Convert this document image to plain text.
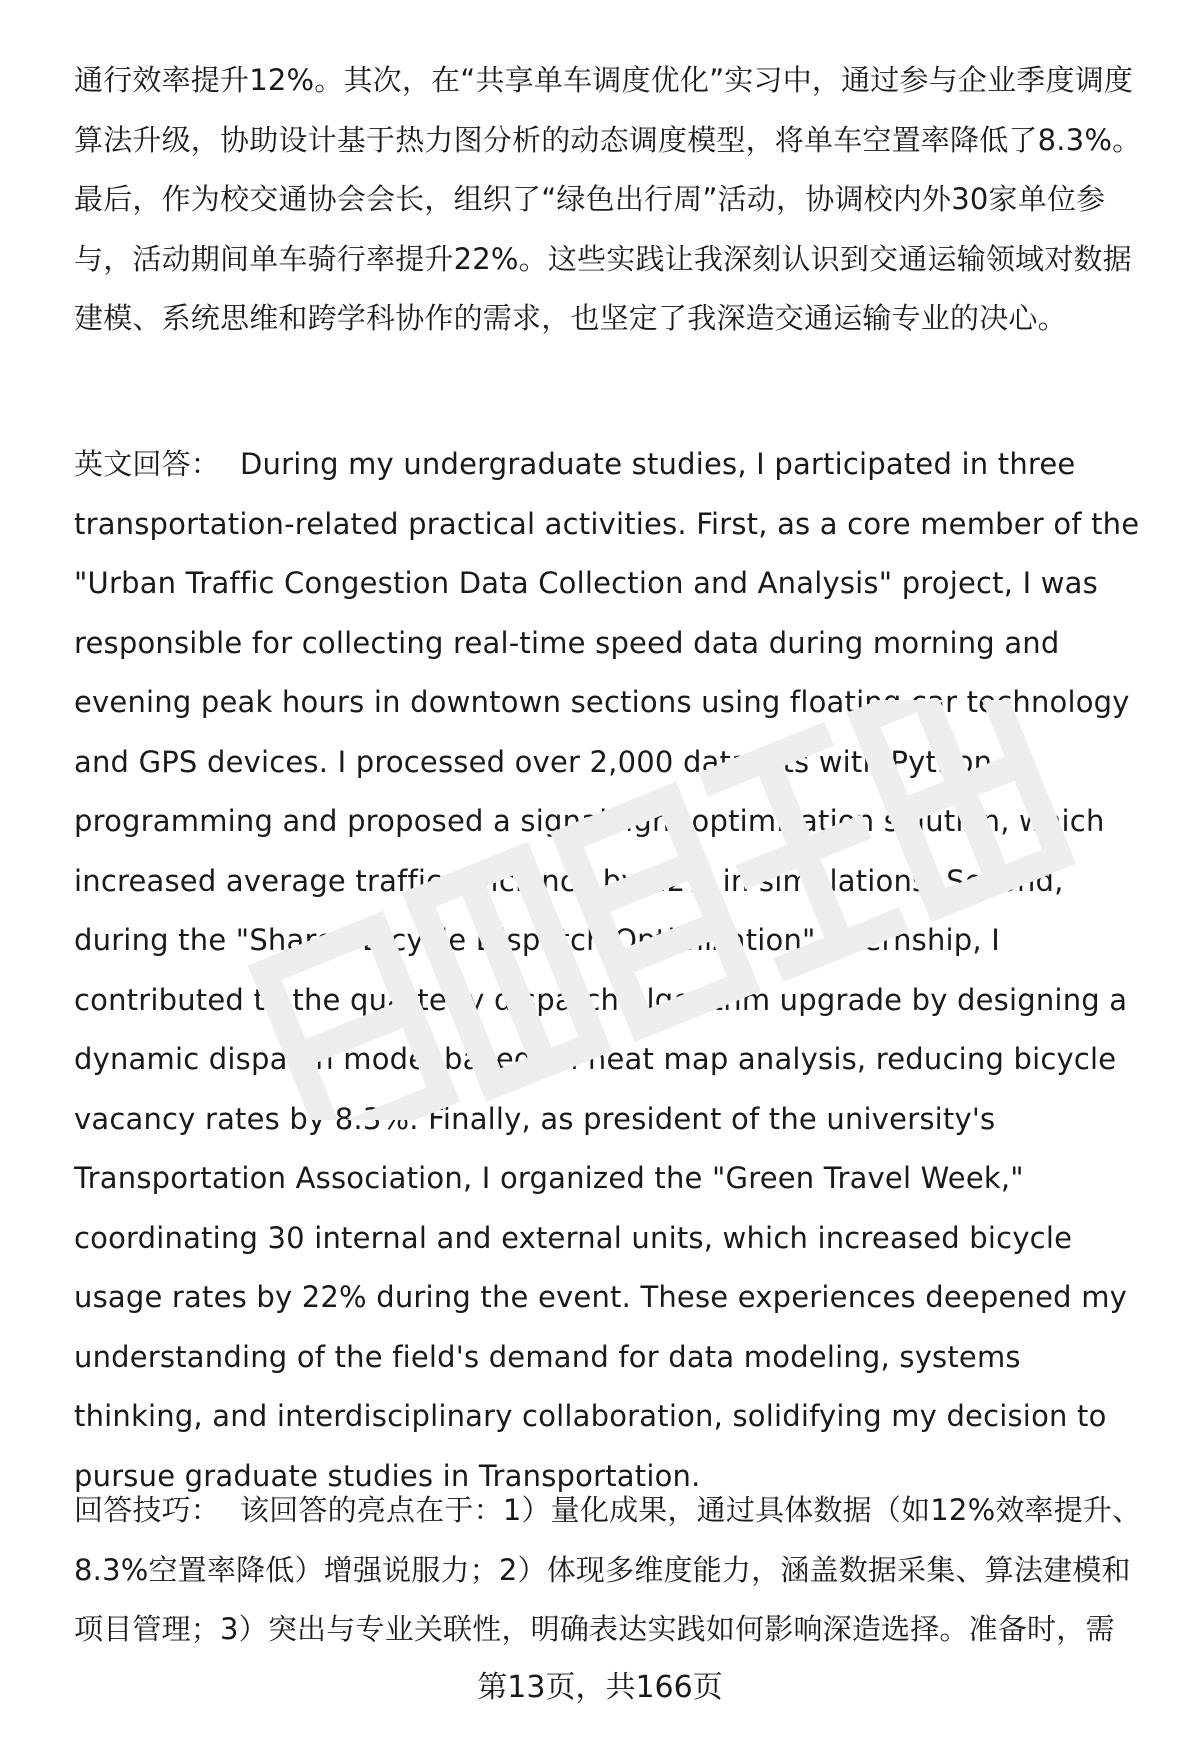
通行效率提升12%。其次，在“共享单车调度优化”实习中，通过参与企业季度调度算法升级，协助设计基于热力图分析的动态调度模型，将单车空置率降低了8.3%。最后，作为校交通协会会长，组织了“绿色出行周”活动，协调校内外30家单位参与，活动期间单车骑行率提升22%。这些实践让我深刻认识到交通运输领域对数据建模、系统思维和跨学科协作的需求，也坚定了我深造交通运输专业的决心。

英文回答： During my undergraduate studies, I participated in three transportation-related practical activities. First, as a core member of the "Urban Traffic Congestion Data Collection and Analysis" project, I was responsible for collecting real-time speed data during morning and evening peak hours in downtown sections using floating car technology and GPS devices. I processed over 2,000 datasets with Python programming and proposed a signal light optimization solution, which increased average traffic efficiency by 12% in simulations. Second, during the "Shared Bicycle Dispatch Optimization" internship, I contributed to the quarterly dispatch algorithm upgrade by designing a dynamic dispatch model based on heat map analysis, reducing bicycle vacancy rates by 8.3%. Finally, as president of the university's Transportation Association, I organized the "Green Travel Week," coordinating 30 internal and external units, which increased bicycle usage rates by 22% during the event. These experiences deepened my understanding of the field's demand for data modeling, systems thinking, and interdisciplinary collaboration, solidifying my decision to pursue graduate studies in Transportation.

回答技巧： 该回答的亮点在于：1）量化成果，通过具体数据（如12%效率提升、8.3%空置率降低）增强说服力；2）体现多维度能力，涵盖数据采集、算法建模和项目管理；3）突出与专业关联性，明确表达实践如何影响深造选择。准备时，需

第13页，共166页
